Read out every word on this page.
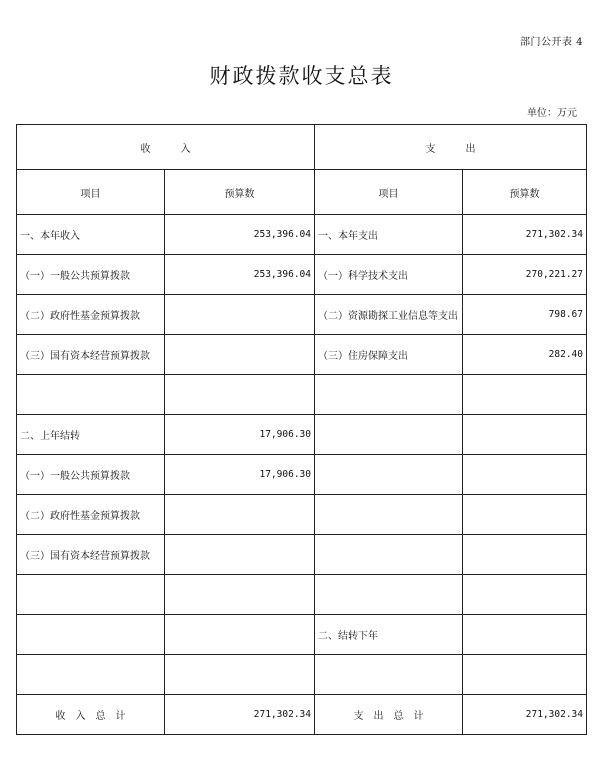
部门公开表 4
财政拨款收支总表
单位：万元
收　　　入		支　　　出	
项目	预算数	项目	预算数
一、本年收入	253,396.04	一、本年支出	271,302.34
（一）一般公共预算拨款	253,396.04	（一）科学技术支出	270,221.27
（二）政府性基金预算拨款		（二）资源勘探工业信息等支出	798.67
（三）国有资本经营预算拨款		（三）住房保障支出	282.40

二、上年结转	17,906.30		
（一）一般公共预算拨款	17,906.30		
（二）政府性基金预算拨款			
（三）国有资本经营预算拨款			

		二、结转下年	

收　入　总　计	271,302.34	支　出　总　计	271,302.34
